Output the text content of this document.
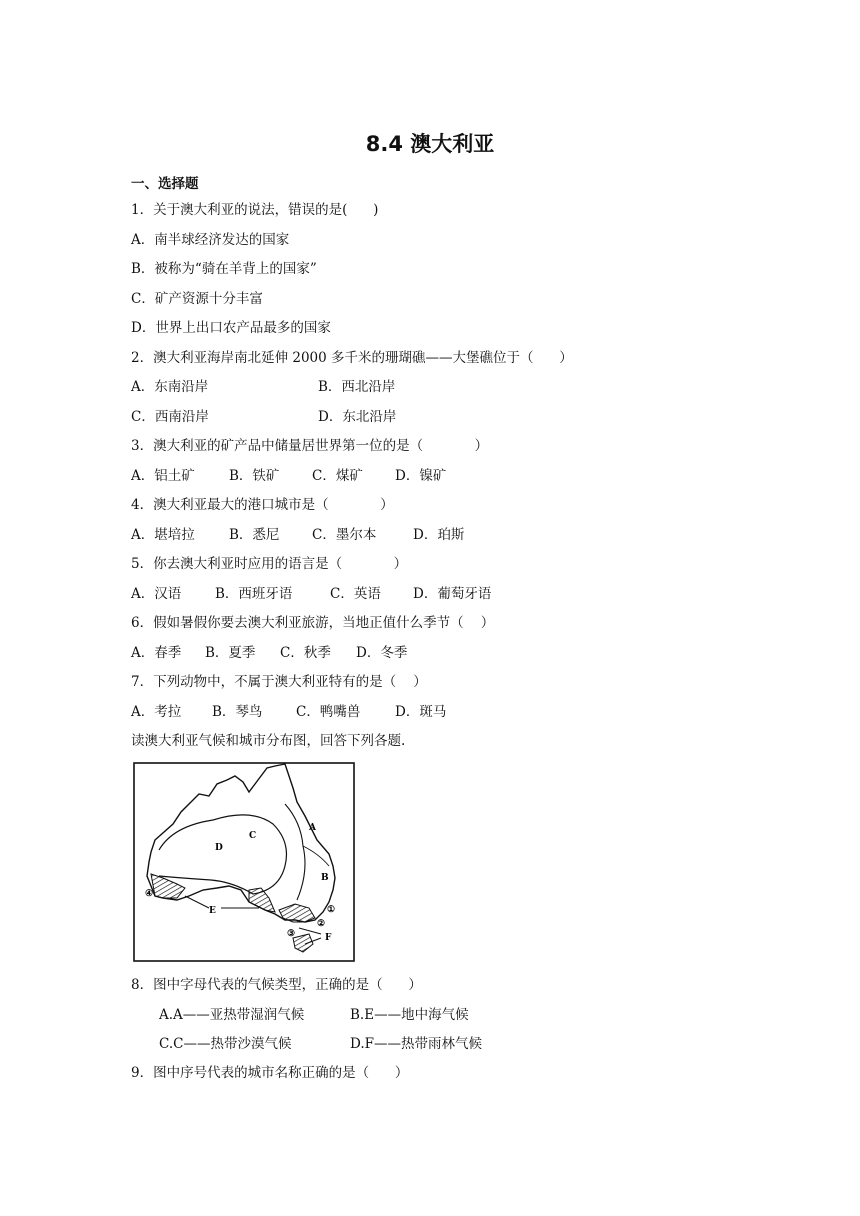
8.4 澳大利亚
一、选择题
1．关于澳大利亚的说法，错误的是(      )
A．南半球经济发达的国家
B．被称为“骑在羊背上的国家”
C．矿产资源十分丰富
D．世界上出口农产品最多的国家
2．澳大利亚海岸南北延伸 2000 多千米的珊瑚礁——大堡礁位于（      ）
A．东南沿岸	B．西北沿岸
C．西南沿岸	D．东北沿岸
3．澳大利亚的矿产品中储量居世界第一位的是（            ）
A．铝土矿	B．铁矿 C．煤矿 D．镍矿
4．澳大利亚最大的港口城市是（            ）
A．堪培拉	B．悉尼 C．墨尔本	D．珀斯
5．你去澳大利亚时应用的语言是（            ）
A．汉语	B．西班牙语	C．英语 D．葡萄牙语
6．假如暑假你要去澳大利亚旅游，当地正值什么季节（    ）
A．春季 B．夏季 C．秋季 D．冬季
7．下列动物中，不属于澳大利亚特有的是（    ）
A．考拉 B．琴鸟 C．鸭嘴兽	D．斑马
读澳大利亚气候和城市分布图，回答下列各题.
C
D
A
B
E
F
④
①
②
③
8．图中字母代表的气候类型，正确的是（      ）
A.A——亚热带湿润气候	B.E——地中海气候
C.C——热带沙漠气候	D.F——热带雨林气候
9．图中序号代表的城市名称正确的是（      ）
